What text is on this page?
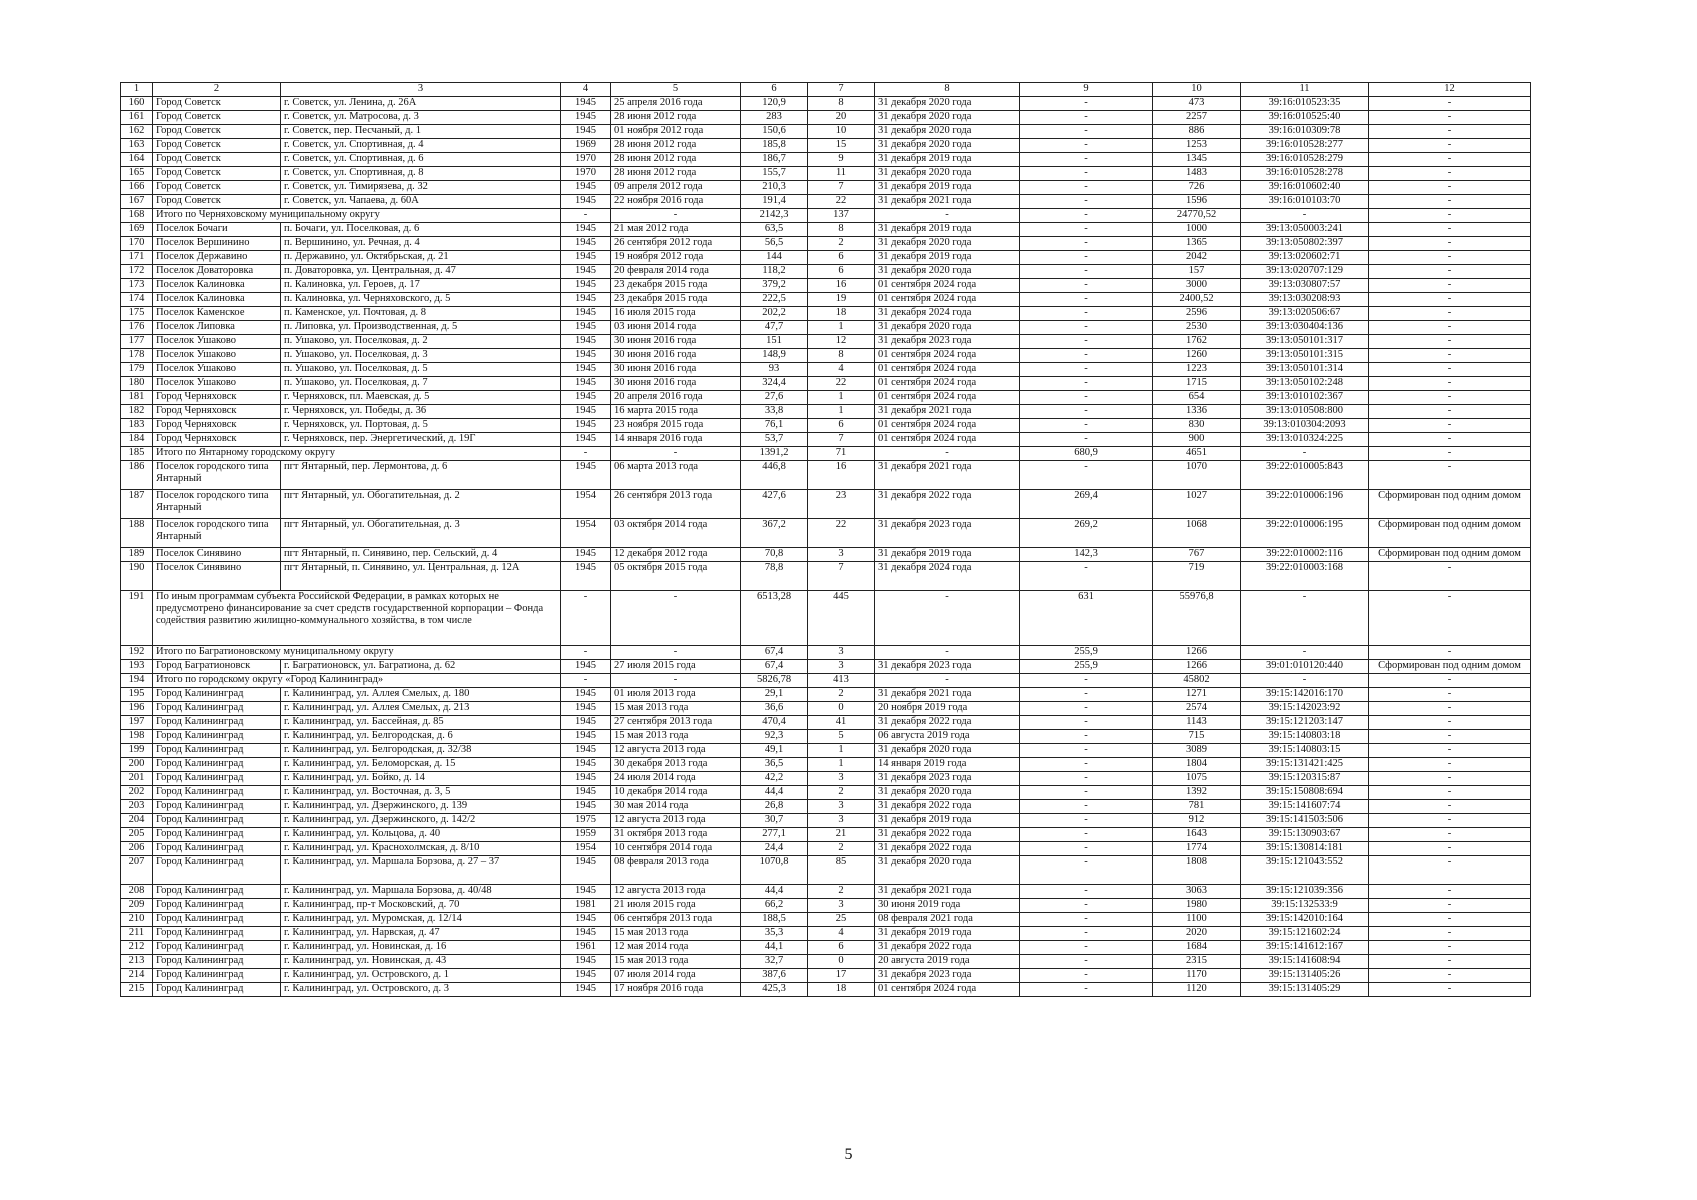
1	2	3	4	5	6	7	8	9	10	11	12
160	Город Советск	г. Советск, ул. Ленина, д. 26А	1945	25 апреля 2016 года	120,9	8	31 декабря 2020 года	-	473	39:16:010523:35	-
161	Город Советск	г. Советск, ул. Матросова, д. 3	1945	28 июня 2012 года	283	20	31 декабря 2020 года	-	2257	39:16:010525:40	-
162	Город Советск	г. Советск, пер. Песчаный, д. 1	1945	01 ноября 2012 года	150,6	10	31 декабря 2020 года	-	886	39:16:010309:78	-
163	Город Советск	г. Советск, ул. Спортивная, д. 4	1969	28 июня 2012 года	185,8	15	31 декабря 2020 года	-	1253	39:16:010528:277	-
164	Город Советск	г. Советск, ул. Спортивная, д. 6	1970	28 июня 2012 года	186,7	9	31 декабря 2019 года	-	1345	39:16:010528:279	-
165	Город Советск	г. Советск, ул. Спортивная, д. 8	1970	28 июня 2012 года	155,7	11	31 декабря 2020 года	-	1483	39:16:010528:278	-
166	Город Советск	г. Советск, ул. Тимирязева, д. 32	1945	09 апреля 2012 года	210,3	7	31 декабря 2019 года	-	726	39:16:010602:40	-
167	Город Советск	г. Советск, ул. Чапаева, д. 60А	1945	22 ноября 2016 года	191,4	22	31 декабря 2021 года	-	1596	39:16:010103:70	-
168	Итого по Черняховскому муниципальному округу		-	-	2142,3	137	-	-	24770,52	-	-
169	Поселок Бочаги	п. Бочаги, ул. Поселковая, д. 6	1945	21 мая 2012 года	63,5	8	31 декабря 2019 года	-	1000	39:13:050003:241	-
170	Поселок Вершинино	п. Вершинино, ул. Речная, д. 4	1945	26 сентября 2012 года	56,5	2	31 декабря 2020 года	-	1365	39:13:050802:397	-
171	Поселок Державино	п. Державино, ул. Октябрьская, д. 21	1945	19 ноября 2012 года	144	6	31 декабря 2019 года	-	2042	39:13:020602:71	-
172	Поселок Доваторовка	п. Доваторовка, ул. Центральная, д. 47	1945	20 февраля 2014 года	118,2	6	31 декабря 2020 года	-	157	39:13:020707:129	-
173	Поселок Калиновка	п. Калиновка, ул. Героев, д. 17	1945	23 декабря 2015 года	379,2	16	01 сентября 2024 года	-	3000	39:13:030807:57	-
174	Поселок Калиновка	п. Калиновка, ул. Черняховского, д. 5	1945	23 декабря 2015 года	222,5	19	01 сентября 2024 года	-	2400,52	39:13:030208:93	-
175	Поселок Каменское	п. Каменское, ул. Почтовая, д. 8	1945	16 июля 2015 года	202,2	18	31 декабря 2024 года	-	2596	39:13:020506:67	-
176	Поселок Липовка	п. Липовка, ул. Производственная, д. 5	1945	03 июня 2014 года	47,7	1	31 декабря 2020 года	-	2530	39:13:030404:136	-
177	Поселок Ушаково	п. Ушаково, ул. Поселковая, д. 2	1945	30 июня 2016 года	151	12	31 декабря 2023 года	-	1762	39:13:050101:317	-
178	Поселок Ушаково	п. Ушаково, ул. Поселковая, д. 3	1945	30 июня 2016 года	148,9	8	01 сентября 2024 года	-	1260	39:13:050101:315	-
179	Поселок Ушаково	п. Ушаково, ул. Поселковая, д. 5	1945	30 июня 2016 года	93	4	01 сентября 2024 года	-	1223	39:13:050101:314	-
180	Поселок Ушаково	п. Ушаково, ул. Поселковая, д. 7	1945	30 июня 2016 года	324,4	22	01 сентября 2024 года	-	1715	39:13:050102:248	-
181	Город Черняховск	г. Черняховск, пл. Маевская, д. 5	1945	20 апреля 2016 года	27,6	1	01 сентября 2024 года	-	654	39:13:010102:367	-
182	Город Черняховск	г. Черняховск, ул. Победы, д. 36	1945	16 марта 2015 года	33,8	1	31 декабря 2021 года	-	1336	39:13:010508:800	-
183	Город Черняховск	г. Черняховск, ул. Портовая, д. 5	1945	23 ноября 2015 года	76,1	6	01 сентября 2024 года	-	830	39:13:010304:2093	-
184	Город Черняховск	г. Черняховск, пер. Энергетический, д. 19Г	1945	14 января 2016 года	53,7	7	01 сентября 2024 года	-	900	39:13:010324:225	-
185	Итого по Янтарному городскому округу		-	-	1391,2	71	-	680,9	4651	-	-
186	Поселок городского типа Янтарный	пгт Янтарный, пер. Лермонтова, д. 6	1945	06 марта 2013 года	446,8	16	31 декабря 2021 года	-	1070	39:22:010005:843	-
187	Поселок городского типа Янтарный	пгт Янтарный, ул. Обогатительная, д. 2	1954	26 сентября 2013 года	427,6	23	31 декабря 2022 года	269,4	1027	39:22:010006:196	Сформирован под одним домом
188	Поселок городского типа Янтарный	пгт Янтарный, ул. Обогатительная, д. 3	1954	03 октября 2014 года	367,2	22	31 декабря 2023 года	269,2	1068	39:22:010006:195	Сформирован под одним домом
189	Поселок Синявино	пгт Янтарный, п. Синявино, пер. Сельский, д. 4	1945	12 декабря 2012 года	70,8	3	31 декабря 2019 года	142,3	767	39:22:010002:116	Сформирован под одним домом
190	Поселок Синявино	пгт Янтарный, п. Синявино, ул. Центральная, д. 12А	1945	05 октября 2015 года	78,8	7	31 декабря 2024 года	-	719	39:22:010003:168	-
191	По иным программам субъекта Российской Федерации, в рамках которых не предусмотрено финансирование за счет средств государственной корпорации – Фонда содействия развитию жилищно-коммунального хозяйства, в том числе		-	-	6513,28	445	-	631	55976,8	-	-
192	Итого по Багратионовскому муниципальному округу		-	-	67,4	3	-	255,9	1266	-	-
193	Город Багратионовск	г. Багратионовск, ул. Багратиона, д. 62	1945	27 июля 2015 года	67,4	3	31 декабря 2023 года	255,9	1266	39:01:010120:440	Сформирован под одним домом
194	Итого по городскому округу «Город Калининград»		-	-	5826,78	413	-	-	45802	-	-
195	Город Калининград	г. Калининград, ул. Аллея Смелых, д. 180	1945	01 июля 2013 года	29,1	2	31 декабря 2021 года	-	1271	39:15:142016:170	-
196	Город Калининград	г. Калининград, ул. Аллея Смелых, д. 213	1945	15 мая 2013 года	36,6	0	20 ноября 2019 года	-	2574	39:15:142023:92	-
197	Город Калининград	г. Калининград, ул. Бассейная, д. 85	1945	27 сентября 2013 года	470,4	41	31 декабря 2022 года	-	1143	39:15:121203:147	-
198	Город Калининград	г. Калининград, ул. Белгородская, д. 6	1945	15 мая 2013 года	92,3	5	06 августа 2019 года	-	715	39:15:140803:18	-
199	Город Калининград	г. Калининград, ул. Белгородская, д. 32/38	1945	12 августа 2013 года	49,1	1	31 декабря 2020 года	-	3089	39:15:140803:15	-
200	Город Калининград	г. Калининград, ул. Беломорская, д. 15	1945	30 декабря 2013 года	36,5	1	14 января 2019 года	-	1804	39:15:131421:425	-
201	Город Калининград	г. Калининград, ул. Бойко, д. 14	1945	24 июля 2014 года	42,2	3	31 декабря 2023 года	-	1075	39:15:120315:87	-
202	Город Калининград	г. Калининград, ул. Восточная, д. 3, 5	1945	10 декабря 2014 года	44,4	2	31 декабря 2020 года	-	1392	39:15:150808:694	-
203	Город Калининград	г. Калининград, ул. Дзержинского, д. 139	1945	30 мая 2014 года	26,8	3	31 декабря 2022 года	-	781	39:15:141607:74	-
204	Город Калининград	г. Калининград, ул. Дзержинского, д. 142/2	1975	12 августа 2013 года	30,7	3	31 декабря 2019 года	-	912	39:15:141503:506	-
205	Город Калининград	г. Калининград, ул. Кольцова, д. 40	1959	31 октября 2013 года	277,1	21	31 декабря 2022 года	-	1643	39:15:130903:67	-
206	Город Калининград	г. Калининград, ул. Краснохолмская, д. 8/10	1954	10 сентября 2014 года	24,4	2	31 декабря 2022 года	-	1774	39:15:130814:181	-
207	Город Калининград	г. Калининград, ул. Маршала Борзова, д. 27 – 37	1945	08 февраля 2013 года	1070,8	85	31 декабря 2020 года	-	1808	39:15:121043:552	-
208	Город Калининград	г. Калининград, ул. Маршала Борзова, д. 40/48	1945	12 августа 2013 года	44,4	2	31 декабря 2021 года	-	3063	39:15:121039:356	-
209	Город Калининград	г. Калининград, пр-т Московский, д. 70	1981	21 июля 2015 года	66,2	3	30 июня 2019 года	-	1980	39:15:132533:9	-
210	Город Калининград	г. Калининград, ул. Муромская, д. 12/14	1945	06 сентября 2013 года	188,5	25	08 февраля 2021 года	-	1100	39:15:142010:164	-
211	Город Калининград	г. Калининград, ул. Нарвская, д. 47	1945	15 мая 2013 года	35,3	4	31 декабря 2019 года	-	2020	39:15:121602:24	-
212	Город Калининград	г. Калининград, ул. Новинская, д. 16	1961	12 мая 2014 года	44,1	6	31 декабря 2022 года	-	1684	39:15:141612:167	-
213	Город Калининград	г. Калининград, ул. Новинская, д. 43	1945	15 мая 2013 года	32,7	0	20 августа 2019 года	-	2315	39:15:141608:94	-
214	Город Калининград	г. Калининград, ул. Островского, д. 1	1945	07 июля 2014 года	387,6	17	31 декабря 2023 года	-	1170	39:15:131405:26	-
215	Город Калининград	г. Калининград, ул. Островского, д. 3	1945	17 ноября 2016 года	425,3	18	01 сентября 2024 года	-	1120	39:15:131405:29	-
5
